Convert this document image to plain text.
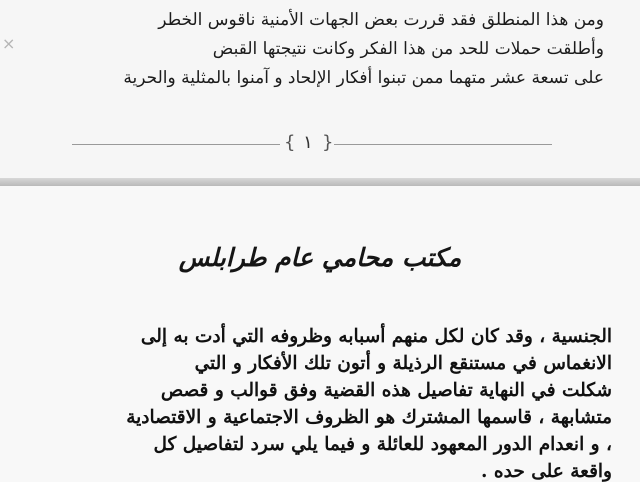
×

ومن هذا المنطلق فقد قررت بعض الجهات الأمنية ناقوس الخطر

وأطلقت حملات للحد من هذا الفكر وكانت نتيجتها القبض

على تسعة عشر متهما ممن تبنوا أفكار الإلحاد و آمنوا بالمثلية والحرية

{ ١ }
مكتب محامي عام طرابلس

الجنسية ، وقد كان لكل منهم أسبابه وظروفه التي أدت به إلى

الانغماس في مستنقع الرذيلة و أتون تلك الأفكار و التي

شكلت في النهاية تفاصيل هذه القضية وفق قوالب و قصص

متشابهة ، قاسمها المشترك هو الظروف الاجتماعية و الاقتصادية

، و انعدام الدور المعهود للعائلة و فيما يلي سرد لتفاصيل كل

واقعة على حده .
